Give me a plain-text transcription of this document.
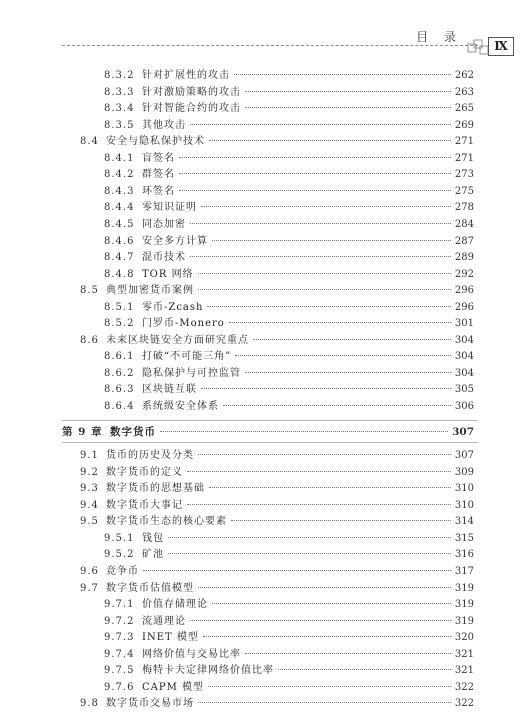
目 录
Ⅸ
8.3.2 针对扩展性的攻击	262
8.3.3 针对激励策略的攻击	263
8.3.4 针对智能合约的攻击	265
8.3.5 其他攻击	269
8.4 安全与隐私保护技术	271
8.4.1 盲签名	271
8.4.2 群签名	273
8.4.3 环签名	275
8.4.4 零知识证明	278
8.4.5 同态加密	284
8.4.6 安全多方计算	287
8.4.7 混币技术	289
8.4.8 TOR 网络	292
8.5 典型加密货币案例	296
8.5.1 零币-Zcash	296
8.5.2 门罗币-Monero	301
8.6 未来区块链安全方面研究重点	304
8.6.1 打破“不可能三角”	304
8.6.2 隐私保护与可控监管	304
8.6.3 区块链互联	305
8.6.4 系统级安全体系	306
第 9 章 数字货币	307
9.1 货币的历史及分类	307
9.2 数字货币的定义	309
9.3 数字货币的思想基础	310
9.4 数字货币大事记	310
9.5 数字货币生态的核心要素	314
9.5.1 钱包	315
9.5.2 矿池	316
9.6 竞争币	317
9.7 数字货币估值模型	319
9.7.1 价值存储理论	319
9.7.2 流通理论	319
9.7.3 INET 模型	320
9.7.4 网络价值与交易比率	321
9.7.5 梅特卡夫定律网络价值比率	321
9.7.6 CAPM 模型	322
9.8 数字货币交易市场	322
